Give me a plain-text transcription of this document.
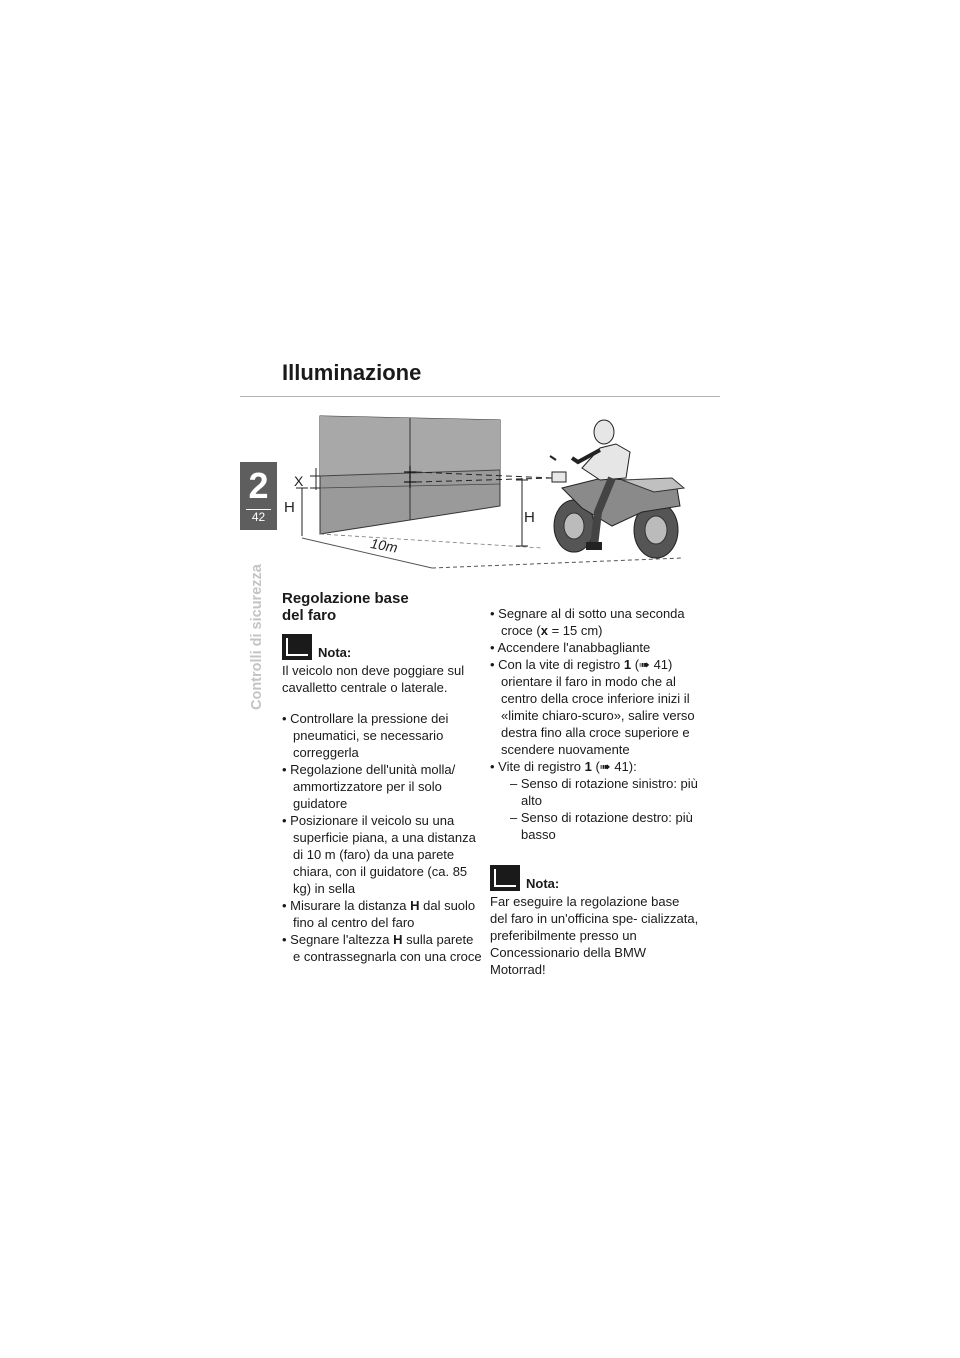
Illuminazione
2
42
Controlli di sicurezza
X
H
H
10m
Regolazione base
del faro
Nota:

Il veicolo non deve poggiare sul cavalletto centrale o laterale.

• Controllare la pressione dei pneumatici, se necessario correggerla
• Regolazione dell'unità molla/ ammortizzatore per il solo guidatore
• Posizionare il veicolo su una superficie piana, a una distanza di 10 m (faro) da una parete chiara, con il guidatore (ca. 85 kg) in sella
• Misurare la distanza H dal suolo fino al centro del faro
• Segnare l'altezza H sulla parete e contrassegnarla con una croce
• Segnare al di sotto una seconda croce (x = 15 cm)
• Accendere l'anabbagliante
• Con la vite di registro 1 (➠ 41) orientare il faro in modo che al centro della croce inferiore inizi il «limite chiaro-scuro», salire verso destra fino alla croce superiore e scendere nuovamente
• Vite di registro 1 (➠ 41):
– Senso di rotazione sinistro: più alto
– Senso di rotazione destro: più basso
Nota:

Far eseguire la regolazione base del faro in un'officina spe- cializzata, preferibilmente presso un Concessionario della BMW Motorrad!
